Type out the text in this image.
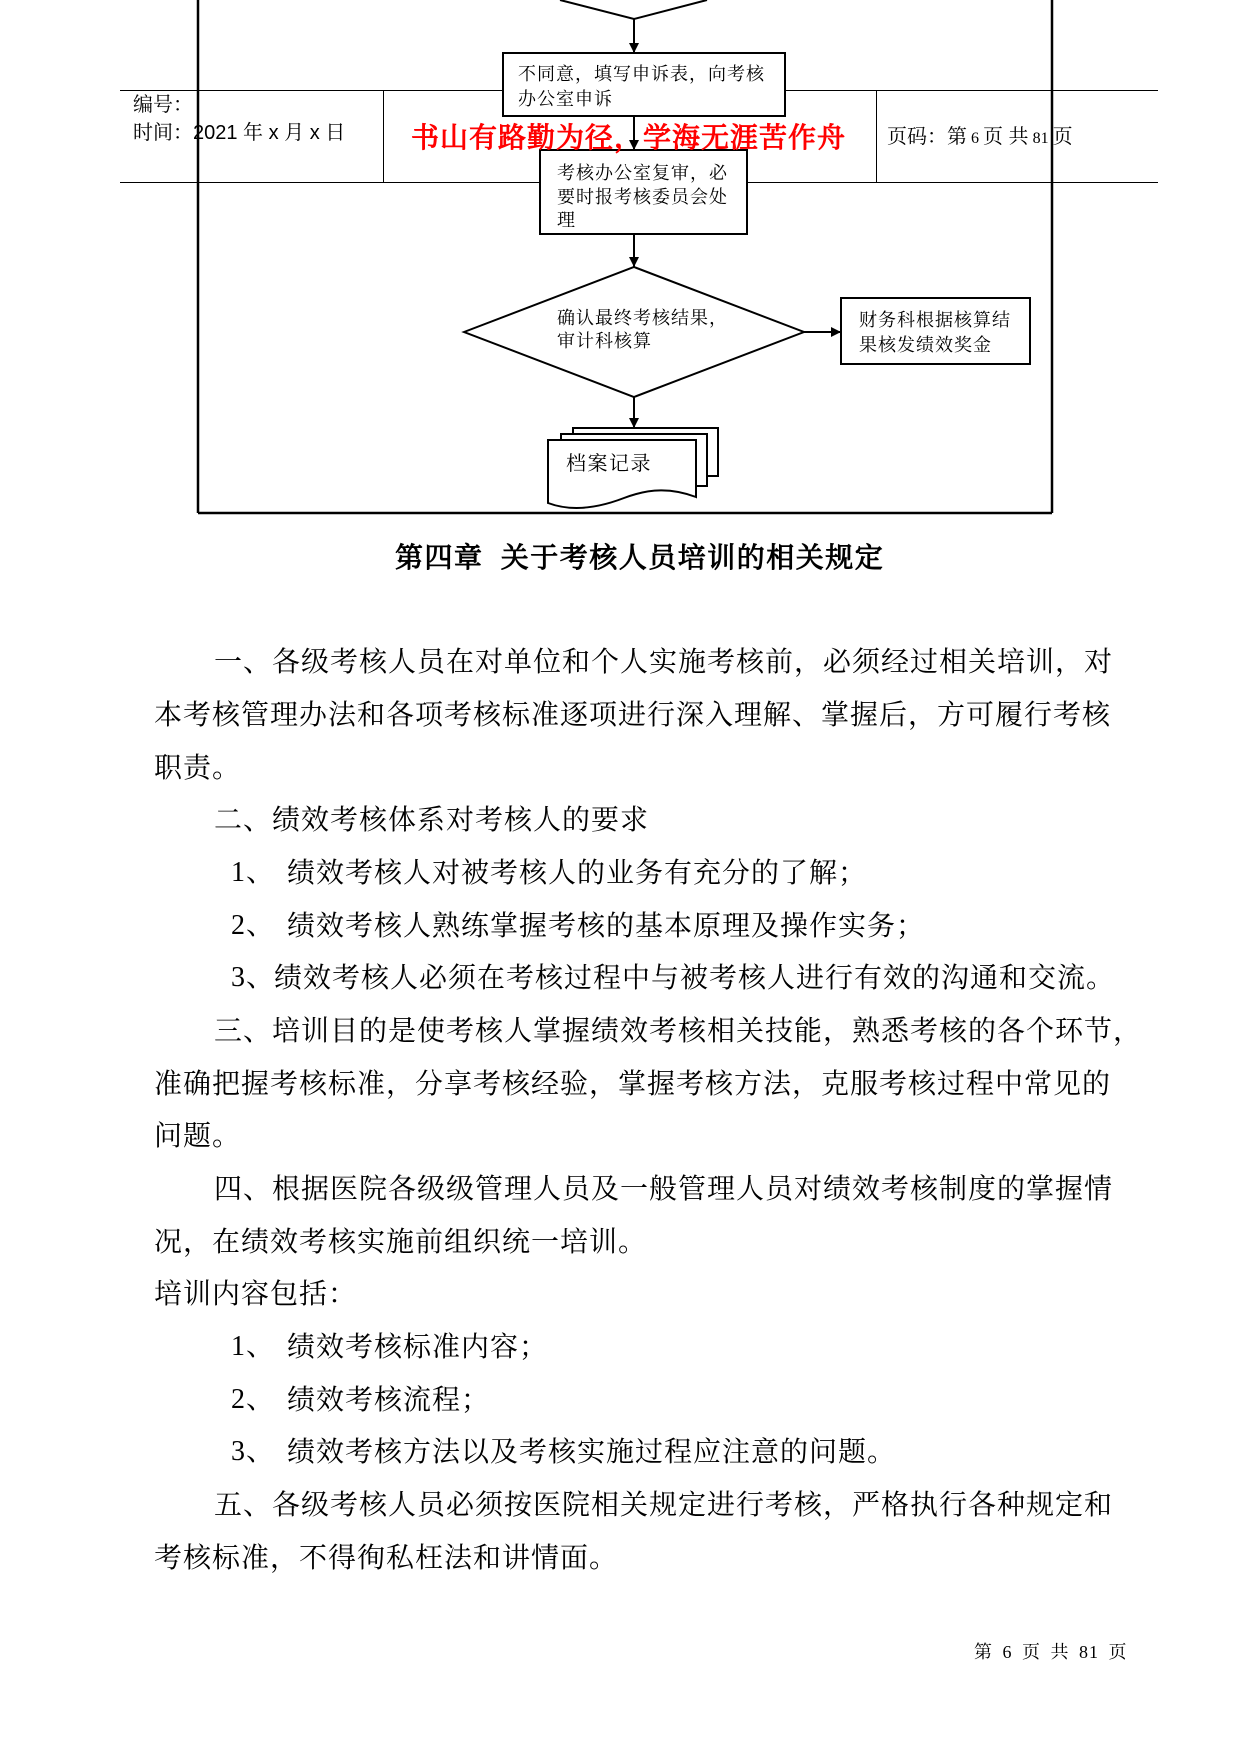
不同意，填写申诉表，向考核
办公室申诉
考核办公室复审，必
要时报考核委员会处
理
确认最终考核结果，
审计科核算
财务科根据核算结
果核发绩效奖金
档案记录
编号：
时间：2021 年 x 月 x 日 书山有路勤为径，学海无涯苦作舟 页码：第 6 页 共 81 页
第四章 关于考核人员培训的相关规定
一、各级考核人员在对单位和个人实施考核前，必须经过相关培训，对
本考核管理办法和各项考核标准逐项进行深入理解、掌握后，方可履行考核
职责。
二、绩效考核体系对考核人的要求
1、 绩效考核人对被考核人的业务有充分的了解；
2、 绩效考核人熟练掌握考核的基本原理及操作实务；
3、
绩效考核人必须在考核过程中与被考核人进行有效的沟通和交流。
三、培训目的是使考核人掌握绩效考核相关技能，熟悉考核的各个环节，
准确把握考核标准，分享考核经验，掌握考核方法，克服考核过程中常见的
问题。
四、根据医院各级级管理人员及一般管理人员对绩效考核制度的掌握情
况，在绩效考核实施前组织统一培训。
培训内容包括：
1、 绩效考核标准内容；
2、 绩效考核流程；
3、 绩效考核方法以及考核实施过程应注意的问题。
五、各级考核人员必须按医院相关规定进行考核，严格执行各种规定和
考核标准，不得徇私枉法和讲情面。
第 6 页 共 81 页
